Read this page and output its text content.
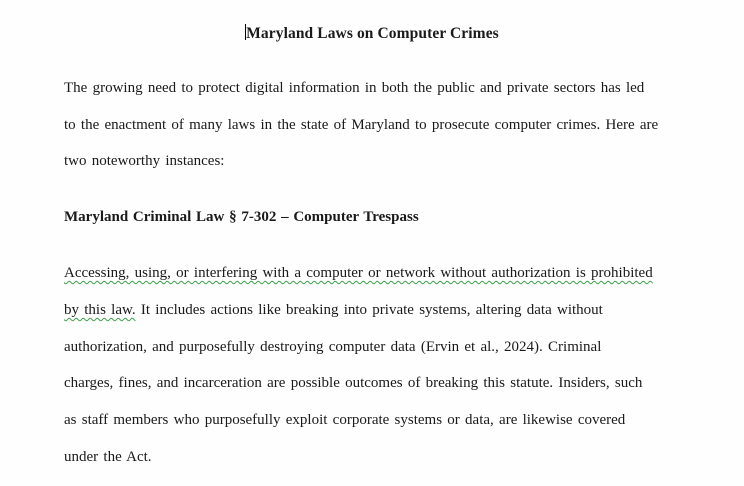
Maryland Laws on Computer Crimes
The growing need to protect digital information in both the public and private sectors has led
to the enactment of many laws in the state of Maryland to prosecute computer crimes. Here are
two noteworthy instances:
Maryland Criminal Law § 7-302 – Computer Trespass
Accessing, using, or interfering with a computer or network without authorization is prohibited
by this law. It includes actions like breaking into private systems, altering data without
authorization, and purposefully destroying computer data (Ervin et al., 2024). Criminal
charges, fines, and incarceration are possible outcomes of breaking this statute. Insiders, such
as staff members who purposefully exploit corporate systems or data, are likewise covered
under the Act.
